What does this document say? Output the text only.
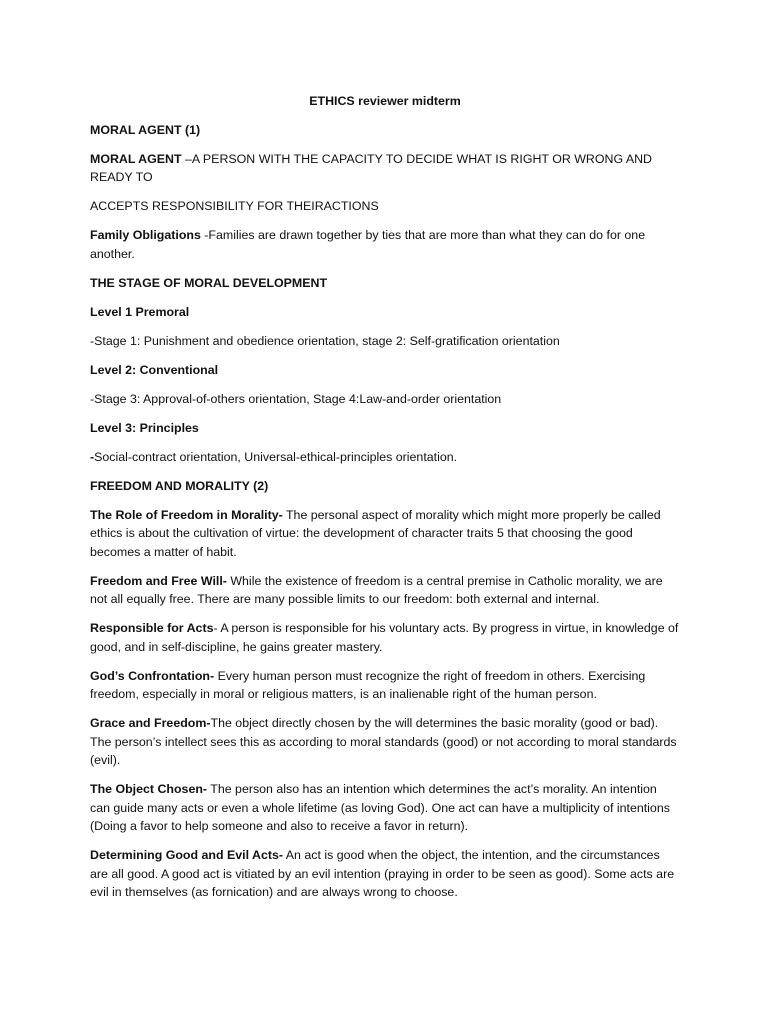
ETHICS reviewer midterm

MORAL AGENT (1)

MORAL AGENT –A PERSON WITH THE CAPACITY TO DECIDE WHAT IS RIGHT OR WRONG AND READY TO
ACCEPTS RESPONSIBILITY FOR THEIRACTIONS

Family Obligations -Families are drawn together by ties that are more than what they can do for one another.

THE STAGE OF MORAL DEVELOPMENT

Level 1 Premoral

-Stage 1: Punishment and obedience orientation, stage 2: Self-gratification orientation

Level 2: Conventional

-Stage 3: Approval-of-others orientation, Stage 4:Law-and-order orientation

Level 3: Principles

-Social-contract orientation, Universal-ethical-principles orientation.

FREEDOM AND MORALITY (2)

The Role of Freedom in Morality- The personal aspect of morality which might more properly be called ethics is about the cultivation of virtue: the development of character traits 5 that choosing the good becomes a matter of habit.

Freedom and Free Will- While the existence of freedom is a central premise in Catholic morality, we are not all equally free. There are many possible limits to our freedom: both external and internal.

Responsible for Acts- A person is responsible for his voluntary acts. By progress in virtue, in knowledge of good, and in self-discipline, he gains greater mastery.

God’s Confrontation- Every human person must recognize the right of freedom in others. Exercising freedom, especially in moral or religious matters, is an inalienable right of the human person.

Grace and Freedom-The object directly chosen by the will determines the basic morality (good or bad). The person’s intellect sees this as according to moral standards (good) or not according to moral standards (evil).

The Object Chosen- The person also has an intention which determines the act’s morality. An intention can guide many acts or even a whole lifetime (as loving God). One act can have a multiplicity of intentions (Doing a favor to help someone and also to receive a favor in return).

Determining Good and Evil Acts- An act is good when the object, the intention, and the circumstances are all good. A good act is vitiated by an evil intention (praying in order to be seen as good). Some acts are evil in themselves (as fornication) and are always wrong to choose.
